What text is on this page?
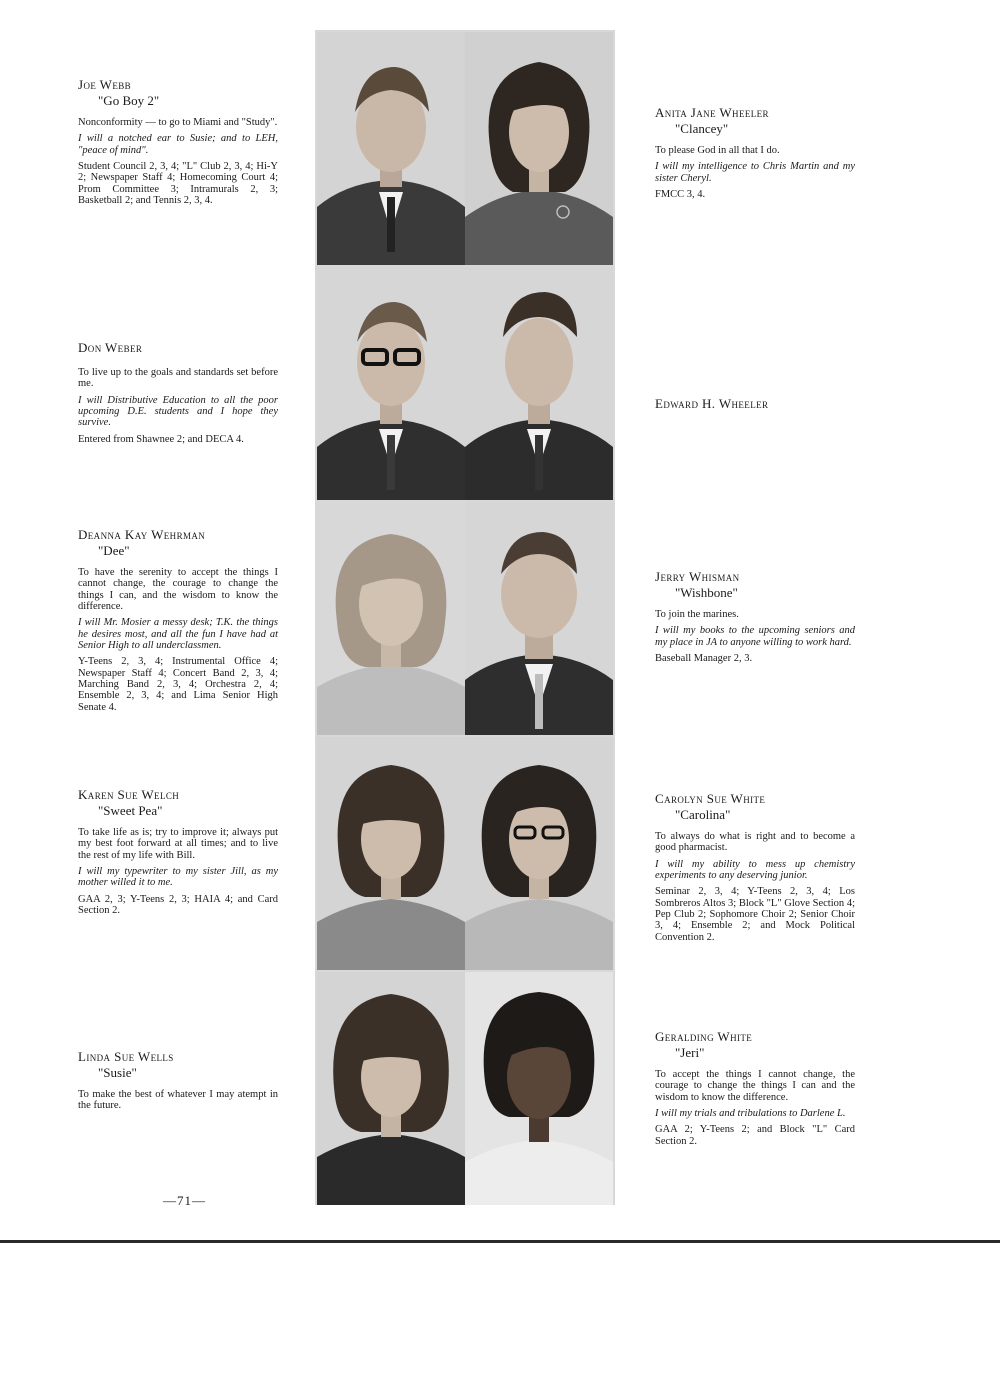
Joe Webb
"Go Boy 2"
Nonconformity — to go to Miami and "Study".
I will a notched ear to Susie; and to LEH, "peace of mind".
Student Council 2, 3, 4; "L" Club 2, 3, 4; Hi-Y 2; Newspaper Staff 4; Homecoming Court 4; Prom Committee 3; Intramurals 2, 3; Basketball 2; and Tennis 2, 3, 4.
Don Weber
To live up to the goals and standards set before me.
I will Distributive Education to all the poor upcoming D.E. students and I hope they survive.
Entered from Shawnee 2; and DECA 4.
Deanna Kay Wehrman
"Dee"
To have the serenity to accept the things I cannot change, the courage to change the things I can, and the wisdom to know the difference.
I will Mr. Mosier a messy desk; T.K. the things he desires most, and all the fun I have had at Senior High to all underclassmen.
Y-Teens 2, 3, 4; Instrumental Office 4; Newspaper Staff 4; Concert Band 2, 3, 4; Marching Band 2, 3, 4; Orchestra 2, 4; Ensemble 2, 3, 4; and Lima Senior High Senate 4.
Karen Sue Welch
"Sweet Pea"
To take life as is; try to improve it; always put my best foot forward at all times; and to live the rest of my life with Bill.
I will my typewriter to my sister Jill, as my mother willed it to me.
GAA 2, 3; Y-Teens 2, 3; HAIA 4; and Card Section 2.
Linda Sue Wells
"Susie"
To make the best of whatever I may atempt in the future.
Anita Jane Wheeler
"Clancey"
To please God in all that I do.
I will my intelligence to Chris Martin and my sister Cheryl.
FMCC 3, 4.
Edward H. Wheeler
Jerry Whisman
"Wishbone"
To join the marines.
I will my books to the upcoming seniors and my place in JA to anyone willing to work hard.
Baseball Manager 2, 3.
Carolyn Sue White
"Carolina"
To always do what is right and to become a good pharmacist.
I will my ability to mess up chemistry experiments to any deserving junior.
Seminar 2, 3, 4; Y-Teens 2, 3, 4; Los Sombreros Altos 3; Block "L" Glove Section 4; Pep Club 2; Sophomore Choir 2; Senior Choir 3, 4; Ensemble 2; and Mock Political Convention 2.
Geralding White
"Jeri"
To accept the things I cannot change, the courage to change the things I can and the wisdom to know the difference.
I will my trials and tribulations to Darlene L.
GAA 2; Y-Teens 2; and Block "L" Card Section 2.
—71—
